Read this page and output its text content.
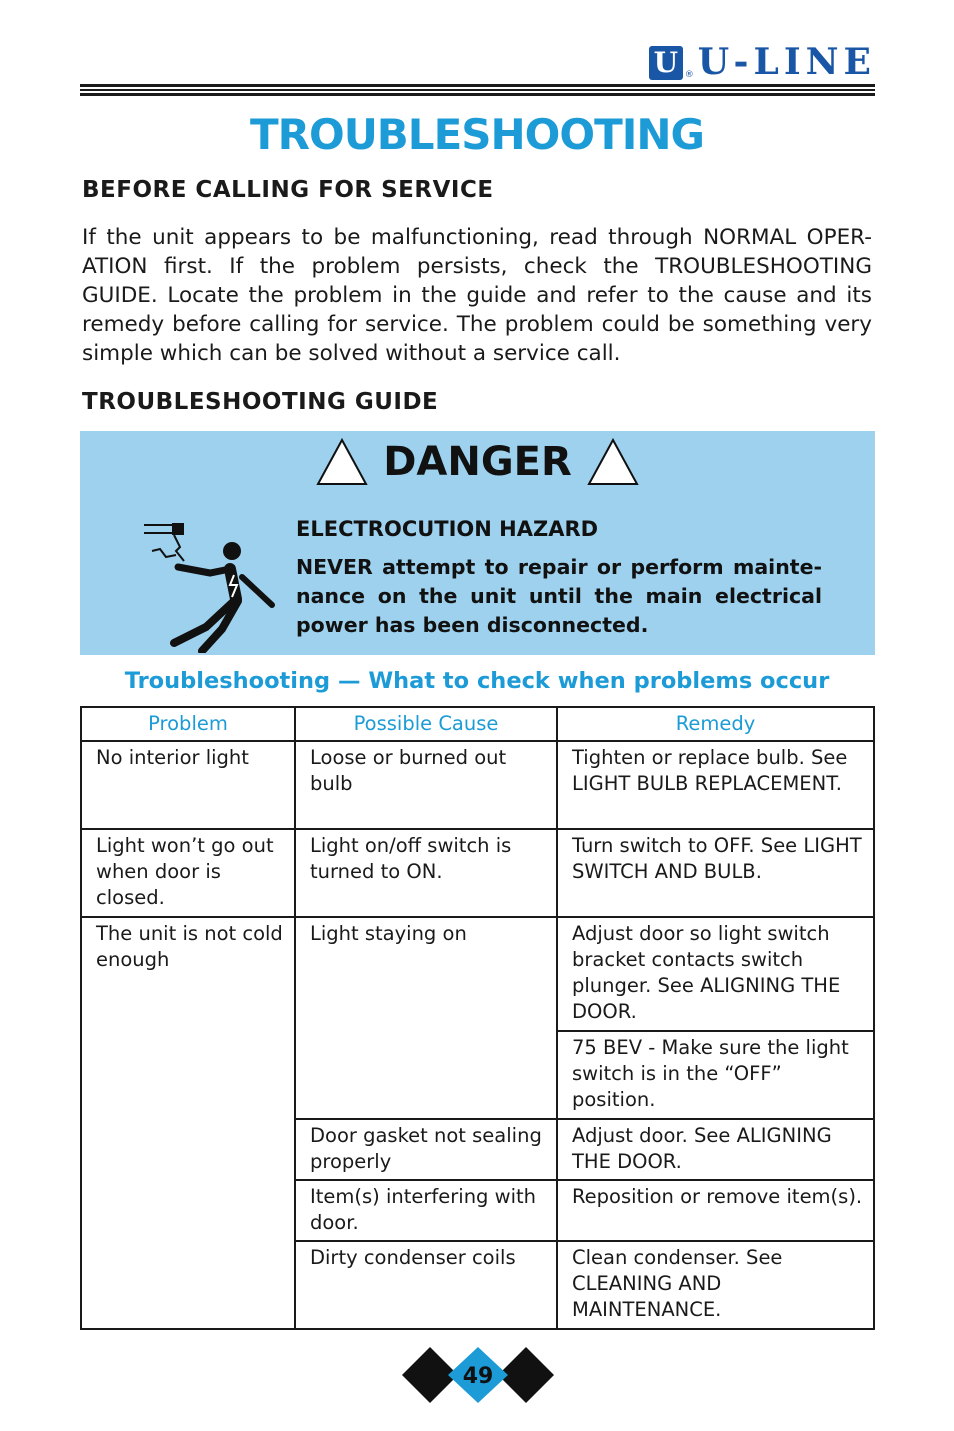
U ® U-LINE
TROUBLESHOOTING
BEFORE CALLING FOR SERVICE

If the unit appears to be malfunctioning, read through NORMAL OPER-ATION first. If the problem persists, check the TROUBLESHOOTING GUIDE. Locate the problem in the guide and refer to the cause and its remedy before calling for service. The problem could be something very simple which can be solved without a service call.

TROUBLESHOOTING GUIDE
DANGER
ELECTROCUTION HAZARD
NEVER attempt to repair or perform mainte-nance on the unit until the main electrical power has been disconnected.
Troubleshooting — What to check when problems occur
Problem	Possible Cause	Remedy
No interior light	Loose or burned out bulb	Tighten or replace bulb. See LIGHT BULB REPLACEMENT.
Light won’t go out when door is closed.	Light on/off switch is turned to ON.	Turn switch to OFF. See LIGHT SWITCH AND BULB.
The unit is not cold enough	Light staying on	Adjust door so light switch bracket contacts switch plunger. See ALIGNING THE DOOR.
		75 BEV - Make sure the light switch is in the “OFF” position.
	Door gasket not sealing properly	Adjust door. See ALIGNING THE DOOR.
	Item(s) interfering with door.	Reposition or remove item(s).
	Dirty condenser coils	Clean condenser. See CLEANING AND MAINTENANCE.
49
